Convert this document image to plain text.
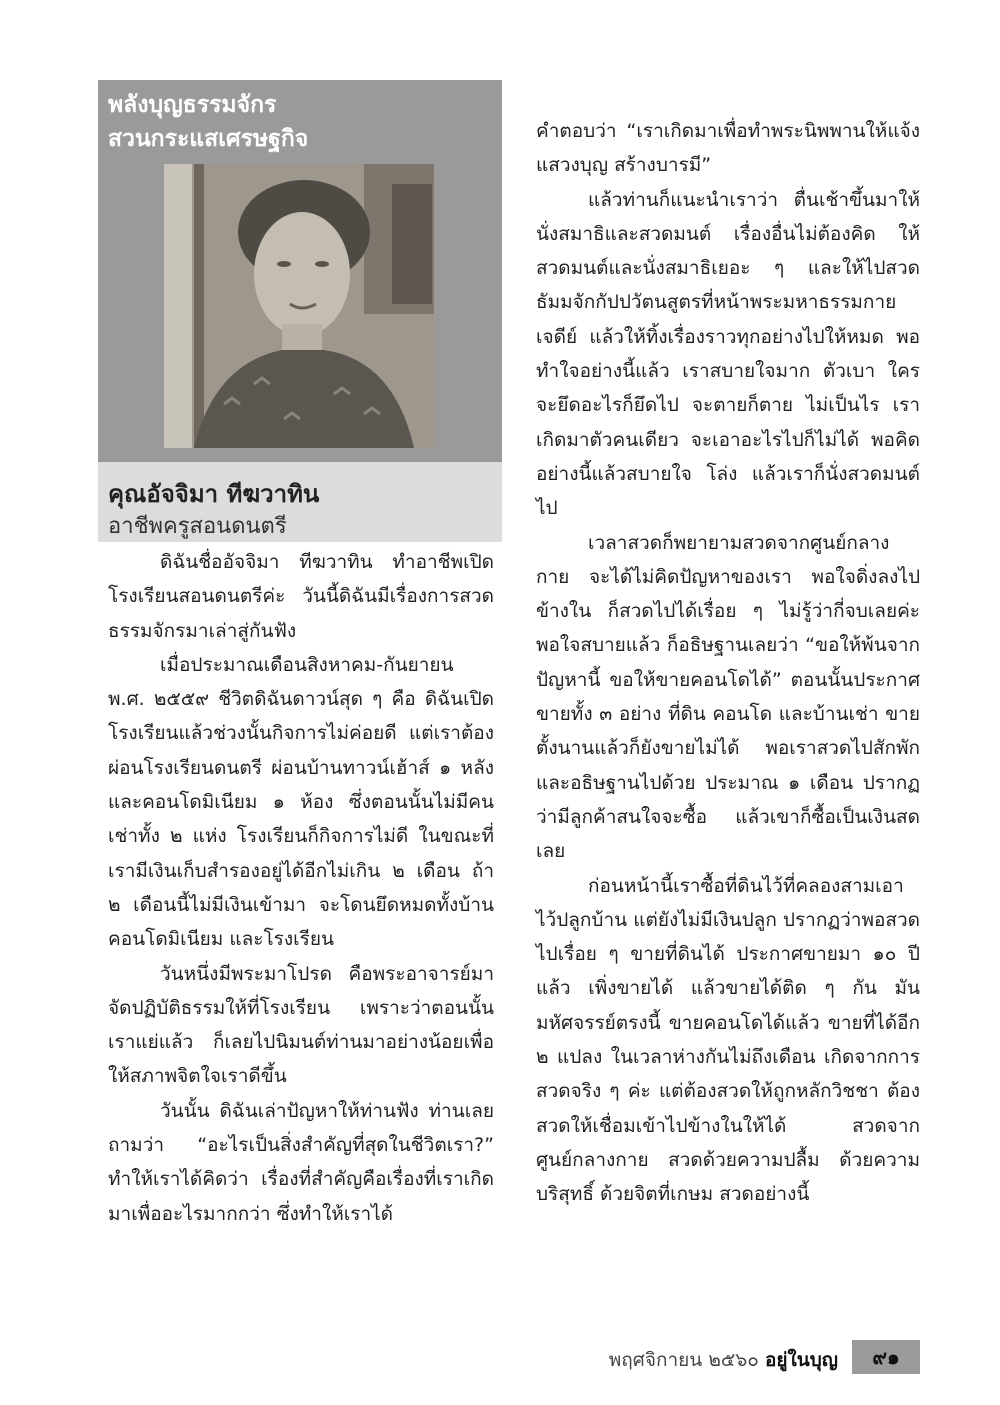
พลังบุญธรรมจักร
สวนกระแสเศรษฐกิจ
คุณอัจจิมา ทีฆวาทิน
อาชีพครูสอนดนตรี

ดิฉันชื่ออัจจิมา ทีฆวาทิน ทำอาชีพเปิดโรงเรียนสอนดนตรีค่ะ วันนี้ดิฉันมีเรื่องการสวดธรรมจักรมาเล่าสู่กันฟัง

เมื่อประมาณเดือนสิงหาคม-กันยายน พ.ศ. ๒๕๕๙ ชีวิตดิฉันดาวน์สุด ๆ คือ ดิฉันเปิดโรงเรียนแล้วช่วงนั้นกิจการไม่ค่อยดี แต่เราต้องผ่อนโรงเรียนดนตรี ผ่อนบ้านทาวน์เฮ้าส์ ๑ หลัง และคอนโดมิเนียม ๑ ห้อง ซึ่งตอนนั้นไม่มีคนเช่าทั้ง ๒ แห่ง โรงเรียนก็กิจการไม่ดี ในขณะที่เรามีเงินเก็บสำรองอยู่ได้อีกไม่เกิน ๒ เดือน ถ้า ๒ เดือนนี้ไม่มีเงินเข้ามา จะโดนยึดหมดทั้งบ้าน คอนโดมิเนียม และโรงเรียน

วันหนึ่งมีพระมาโปรด คือพระอาจารย์มาจัดปฏิบัติธรรมให้ที่โรงเรียน เพราะว่าตอนนั้นเราแย่แล้ว ก็เลยไปนิมนต์ท่านมาอย่างน้อยเพื่อให้สภาพจิตใจเราดีขึ้น

วันนั้น ดิฉันเล่าปัญหาให้ท่านฟัง ท่านเลยถามว่า “อะไรเป็นสิ่งสำคัญที่สุดในชีวิตเรา?” ทำให้เราได้คิดว่า เรื่องที่สำคัญคือเรื่องที่เราเกิดมาเพื่ออะไรมากกว่า ซึ่งทำให้เราได้

คำตอบว่า “เราเกิดมาเพื่อทำพระนิพพานให้แจ้ง แสวงบุญ สร้างบารมี”

แล้วท่านก็แนะนำเราว่า ตื่นเช้าขึ้นมาให้นั่งสมาธิและสวดมนต์ เรื่องอื่นไม่ต้องคิด ให้สวดมนต์และนั่งสมาธิเยอะ ๆ และให้ไปสวดธัมมจักกัปปวัตนสูตรที่หน้าพระมหาธรรมกายเจดีย์ แล้วให้ทิ้งเรื่องราวทุกอย่างไปให้หมด พอทำใจอย่างนี้แล้ว เราสบายใจมาก ตัวเบา ใครจะยึดอะไรก็ยึดไป จะตายก็ตาย ไม่เป็นไร เราเกิดมาตัวคนเดียว จะเอาอะไรไปก็ไม่ได้ พอคิดอย่างนี้แล้วสบายใจ โล่ง แล้วเราก็นั่งสวดมนต์ไป

เวลาสวดก็พยายามสวดจากศูนย์กลางกาย จะได้ไม่คิดปัญหาของเรา พอใจดิ่งลงไปข้างใน ก็สวดไปได้เรื่อย ๆ ไม่รู้ว่ากี่จบเลยค่ะ พอใจสบายแล้ว ก็อธิษฐานเลยว่า “ขอให้พ้นจากปัญหานี้ ขอให้ขายคอนโดได้” ตอนนั้นประกาศขายทั้ง ๓ อย่าง ที่ดิน คอนโด และบ้านเช่า ขายตั้งนานแล้วก็ยังขายไม่ได้ พอเราสวดไปสักพักและอธิษฐานไปด้วย ประมาณ ๑ เดือน ปรากฏว่ามีลูกค้าสนใจจะซื้อ แล้วเขาก็ซื้อเป็นเงินสดเลย

ก่อนหน้านี้เราซื้อที่ดินไว้ที่คลองสามเอาไว้ปลูกบ้าน แต่ยังไม่มีเงินปลูก ปรากฏว่าพอสวดไปเรื่อย ๆ ขายที่ดินได้ ประกาศขายมา ๑๐ ปีแล้ว เพิ่งขายได้ แล้วขายได้ติด ๆ กัน มันมหัศจรรย์ตรงนี้ ขายคอนโดได้แล้ว ขายที่ได้อีก ๒ แปลง ในเวลาห่างกันไม่ถึงเดือน เกิดจากการสวดจริง ๆ ค่ะ แต่ต้องสวดให้ถูกหลักวิชชา ต้องสวดให้เชื่อมเข้าไปข้างในให้ได้ สวดจากศูนย์กลางกาย สวดด้วยความปลื้ม ด้วยความบริสุทธิ์ ด้วยจิตที่เกษม สวดอย่างนี้

พฤศจิกายน ๒๕๖๐ อยู่ในบุญ	๙๑
